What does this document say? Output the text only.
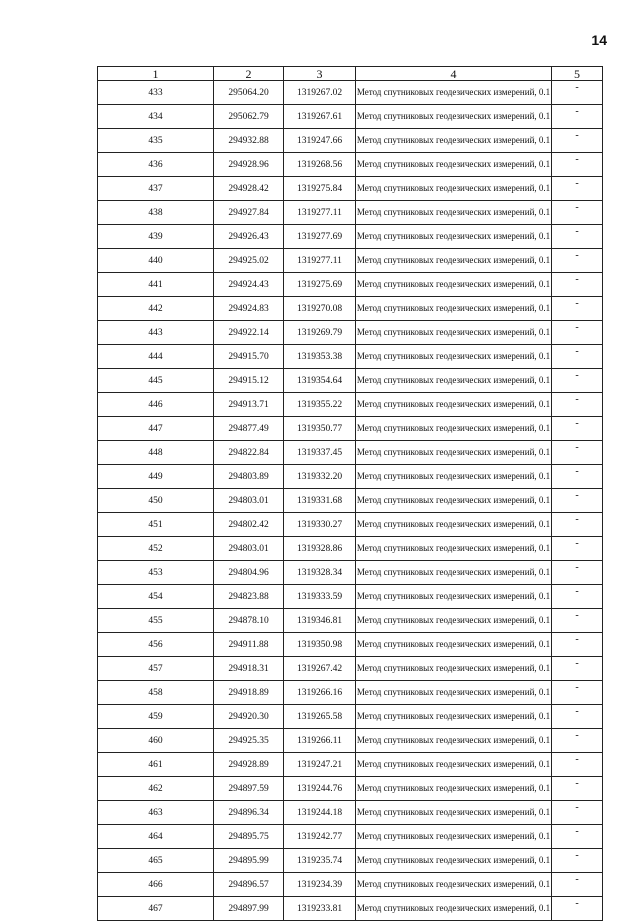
14
1	2	3	4	5
433	295064.20	1319267.02	Метод спутниковых геодезических измерений, 0.1	-
434	295062.79	1319267.61	Метод спутниковых геодезических измерений, 0.1	-
435	294932.88	1319247.66	Метод спутниковых геодезических измерений, 0.1	-
436	294928.96	1319268.56	Метод спутниковых геодезических измерений, 0.1	-
437	294928.42	1319275.84	Метод спутниковых геодезических измерений, 0.1	-
438	294927.84	1319277.11	Метод спутниковых геодезических измерений, 0.1	-
439	294926.43	1319277.69	Метод спутниковых геодезических измерений, 0.1	-
440	294925.02	1319277.11	Метод спутниковых геодезических измерений, 0.1	-
441	294924.43	1319275.69	Метод спутниковых геодезических измерений, 0.1	-
442	294924.83	1319270.08	Метод спутниковых геодезических измерений, 0.1	-
443	294922.14	1319269.79	Метод спутниковых геодезических измерений, 0.1	-
444	294915.70	1319353.38	Метод спутниковых геодезических измерений, 0.1	-
445	294915.12	1319354.64	Метод спутниковых геодезических измерений, 0.1	-
446	294913.71	1319355.22	Метод спутниковых геодезических измерений, 0.1	-
447	294877.49	1319350.77	Метод спутниковых геодезических измерений, 0.1	-
448	294822.84	1319337.45	Метод спутниковых геодезических измерений, 0.1	-
449	294803.89	1319332.20	Метод спутниковых геодезических измерений, 0.1	-
450	294803.01	1319331.68	Метод спутниковых геодезических измерений, 0.1	-
451	294802.42	1319330.27	Метод спутниковых геодезических измерений, 0.1	-
452	294803.01	1319328.86	Метод спутниковых геодезических измерений, 0.1	-
453	294804.96	1319328.34	Метод спутниковых геодезических измерений, 0.1	-
454	294823.88	1319333.59	Метод спутниковых геодезических измерений, 0.1	-
455	294878.10	1319346.81	Метод спутниковых геодезических измерений, 0.1	-
456	294911.88	1319350.98	Метод спутниковых геодезических измерений, 0.1	-
457	294918.31	1319267.42	Метод спутниковых геодезических измерений, 0.1	-
458	294918.89	1319266.16	Метод спутниковых геодезических измерений, 0.1	-
459	294920.30	1319265.58	Метод спутниковых геодезических измерений, 0.1	-
460	294925.35	1319266.11	Метод спутниковых геодезических измерений, 0.1	-
461	294928.89	1319247.21	Метод спутниковых геодезических измерений, 0.1	-
462	294897.59	1319244.76	Метод спутниковых геодезических измерений, 0.1	-
463	294896.34	1319244.18	Метод спутниковых геодезических измерений, 0.1	-
464	294895.75	1319242.77	Метод спутниковых геодезических измерений, 0.1	-
465	294895.99	1319235.74	Метод спутниковых геодезических измерений, 0.1	-
466	294896.57	1319234.39	Метод спутниковых геодезических измерений, 0.1	-
467	294897.99	1319233.81	Метод спутниковых геодезических измерений, 0.1	-
